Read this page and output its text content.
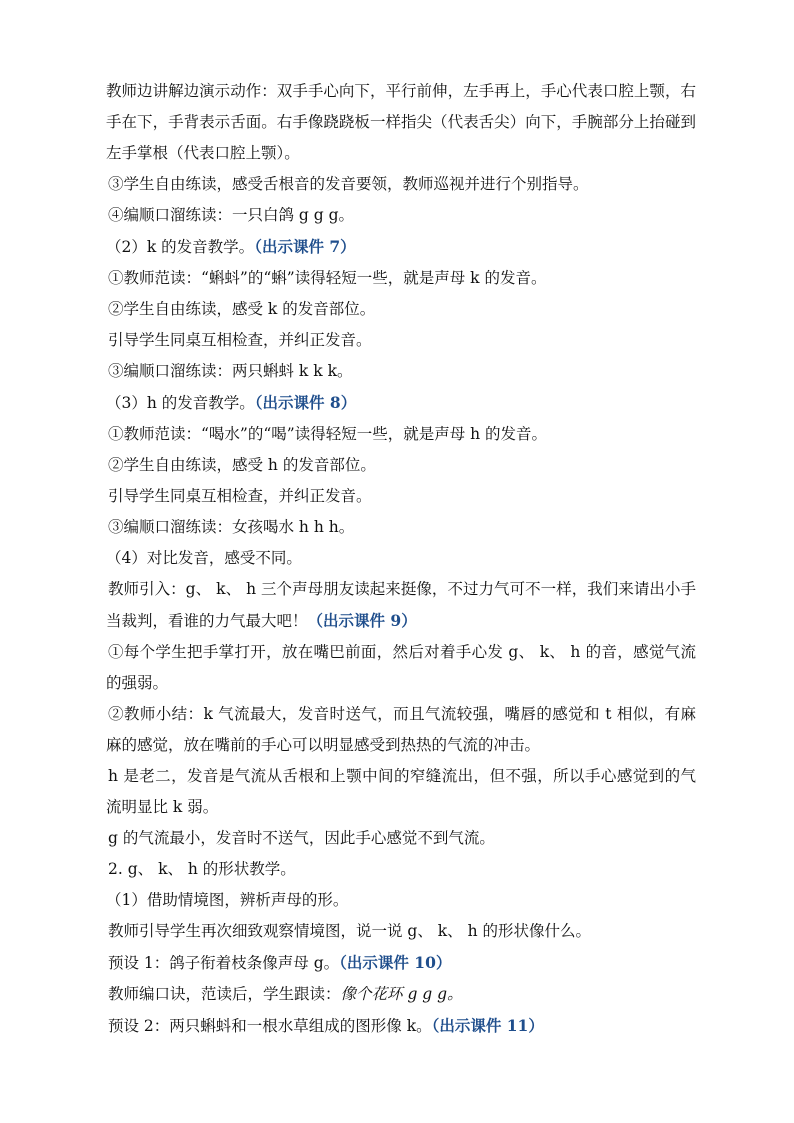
教师边讲解边演示动作：双手手心向下，平行前伸，左手再上，手心代表口腔上颚，右手在下，手背表示舌面。右手像跷跷板一样指尖（代表舌尖）向下，手腕部分上抬碰到左手掌根（代表口腔上颚）。

③学生自由练读，感受舌根音的发音要领，教师巡视并进行个别指导。

④编顺口溜练读：一只白鸽 g g g。

（2）k 的发音教学。（出示课件 7）

①教师范读：“蝌蚪”的“蝌”读得轻短一些，就是声母 k 的发音。

②学生自由练读，感受 k 的发音部位。

引导学生同桌互相检查，并纠正发音。

③编顺口溜练读：两只蝌蚪 k k k。

（3）h 的发音教学。（出示课件 8）

①教师范读：“喝水”的“喝”读得轻短一些，就是声母 h 的发音。

②学生自由练读，感受 h 的发音部位。

引导学生同桌互相检查，并纠正发音。

③编顺口溜练读：女孩喝水 h h h。

（4）对比发音，感受不同。

教师引入：g、 k、 h 三个声母朋友读起来挺像，不过力气可不一样，我们来请出小手当裁判，看谁的力气最大吧！（出示课件 9）

①每个学生把手掌打开，放在嘴巴前面，然后对着手心发 g、 k、 h 的音，感觉气流的强弱。

②教师小结：k 气流最大，发音时送气，而且气流较强，嘴唇的感觉和 t 相似，有麻麻的感觉，放在嘴前的手心可以明显感受到热热的气流的冲击。

h 是老二，发音是气流从舌根和上颚中间的窄缝流出，但不强，所以手心感觉到的气流明显比 k 弱。

g 的气流最小，发音时不送气，因此手心感觉不到气流。

2. g、 k、 h 的形状教学。

（1）借助情境图，辨析声母的形。

教师引导学生再次细致观察情境图，说一说 g、 k、 h 的形状像什么。

预设 1：鸽子衔着枝条像声母 g。（出示课件 10）

教师编口诀，范读后，学生跟读：像个花环 g g g。

预设 2：两只蝌蚪和一根水草组成的图形像 k。（出示课件 11）
